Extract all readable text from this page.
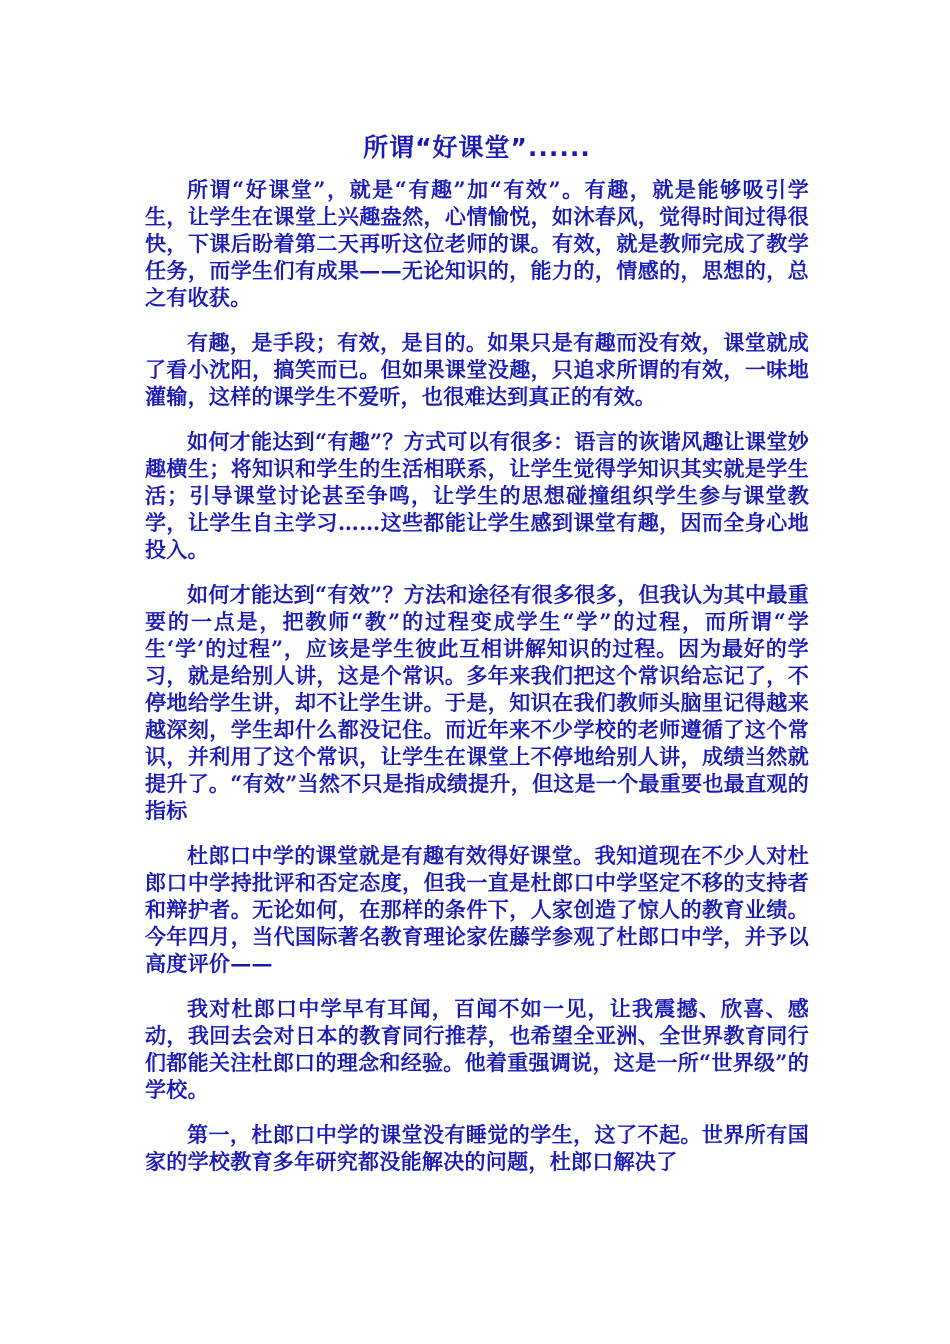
所谓“好课堂”......

所谓“好课堂”，就是“有趣”加“有效”。有趣，就是能够吸引学生，让学生在课堂上兴趣盎然，心情愉悦，如沐春风，觉得时间过得很快，下课后盼着第二天再听这位老师的课。有效，就是教师完成了教学任务，而学生们有成果——无论知识的，能力的，情感的，思想的，总之有收获。

有趣，是手段；有效，是目的。如果只是有趣而没有效，课堂就成了看小沈阳，搞笑而已。但如果课堂没趣，只追求所谓的有效，一味地灌输，这样的课学生不爱听，也很难达到真正的有效。

如何才能达到“有趣”？方式可以有很多：语言的诙谐风趣让课堂妙趣横生；将知识和学生的生活相联系，让学生觉得学知识其实就是学生活；引导课堂讨论甚至争鸣，让学生的思想碰撞组织学生参与课堂教学，让学生自主学习……这些都能让学生感到课堂有趣，因而全身心地投入。

如何才能达到“有效”？方法和途径有很多很多，但我认为其中最重要的一点是，把教师“教”的过程变成学生“学”的过程，而所谓“学生‘学’的过程”，应该是学生彼此互相讲解知识的过程。因为最好的学习，就是给别人讲，这是个常识。多年来我们把这个常识给忘记了，不停地给学生讲，却不让学生讲。于是，知识在我们教师头脑里记得越来越深刻，学生却什么都没记住。而近年来不少学校的老师遵循了这个常识，并利用了这个常识，让学生在课堂上不停地给别人讲，成绩当然就提升了。“有效”当然不只是指成绩提升，但这是一个最重要也最直观的指标

杜郎口中学的课堂就是有趣有效得好课堂。我知道现在不少人对杜郎口中学持批评和否定态度，但我一直是杜郎口中学坚定不移的支持者和辩护者。无论如何，在那样的条件下，人家创造了惊人的教育业绩。今年四月，当代国际著名教育理论家佐藤学参观了杜郎口中学，并予以高度评价——

我对杜郎口中学早有耳闻，百闻不如一见，让我震撼、欣喜、感动，我回去会对日本的教育同行推荐，也希望全亚洲、全世界教育同行们都能关注杜郎口的理念和经验。他着重强调说，这是一所“世界级”的学校。

第一，杜郎口中学的课堂没有睡觉的学生，这了不起。世界所有国家的学校教育多年研究都没能解决的问题，杜郎口解决了
